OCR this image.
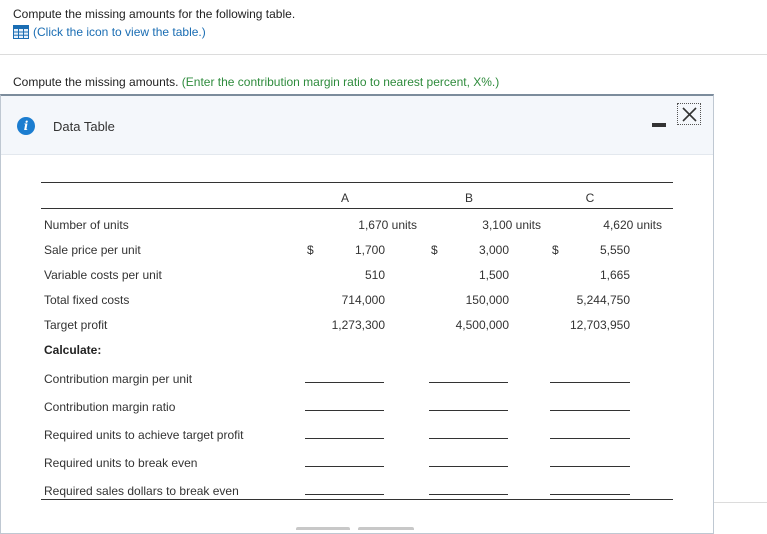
Compute the missing amounts for the following table.
(Click the icon to view the table.)
Compute the missing amounts. (Enter the contribution margin ratio to nearest percent, X%.)
i	Data Table
A	B	C
Number of units	1,670 units	3,100 units	4,620 units
Sale price per unit	$	1,700	$	3,000	$	5,550
Variable costs per unit	510	1,500	1,665
Total fixed costs	714,000	150,000	5,244,750
Target profit	1,273,300	4,500,000	12,703,950
Calculate:
Contribution margin per unit
Contribution margin ratio
Required units to achieve target profit
Required units to break even
Required sales dollars to break even
